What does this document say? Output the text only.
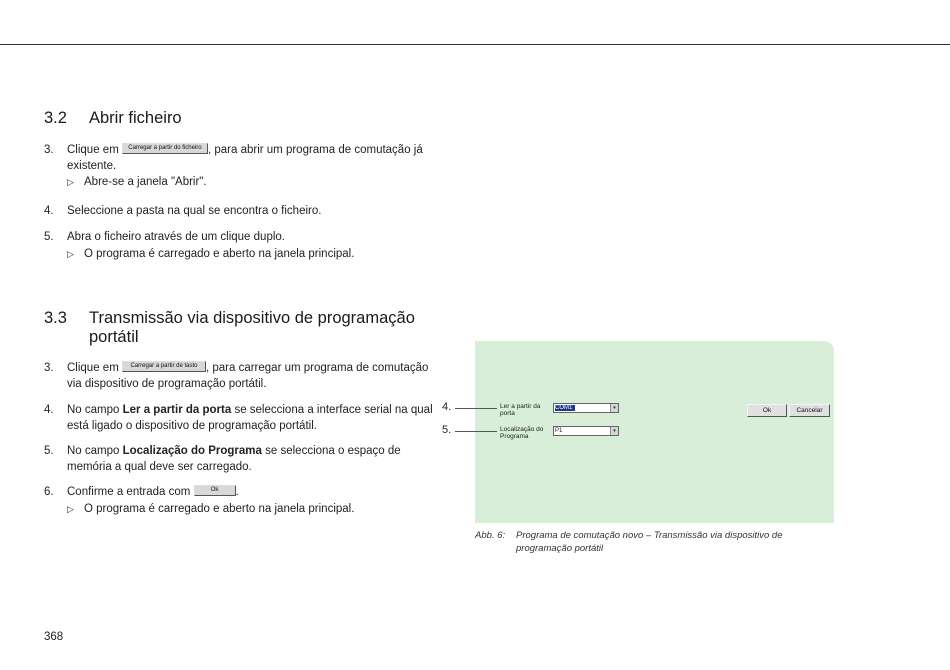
3.2 Abrir ficheiro
3. Clique em Carregar a partir do ficheiro , para abrir um programa de comutação já existente.
▷ Abre-se a janela "Abrir".
4. Seleccione a pasta na qual se encontra o ficheiro.
5. Abra o ficheiro através de um clique duplo.
▷ O programa é carregado e aberto na janela principal.
3.3 Transmissão via dispositivo de programação
portátil
3. Clique em Carregar a partir de tasto , para carregar um programa de comutação via dispositivo de programação portátil.
4. No campo Ler a partir da porta se selecciona a interface serial na qual está ligado o dispositivo de programação portátil.
5. No campo Localização do Programa se selecciona o espaço de memória a qual deve ser carregado.
6. Confirme a entrada com	Ok .
▷ O programa é carregado e aberto na janela principal.
4.
5.
Ler a partir da porta
COM1	▾
Localização do Programa
P1	▾
Ok	Cancelar
Abb. 6: Programa de comutação novo – Transmissão via dispositivo de programação portátil
368
